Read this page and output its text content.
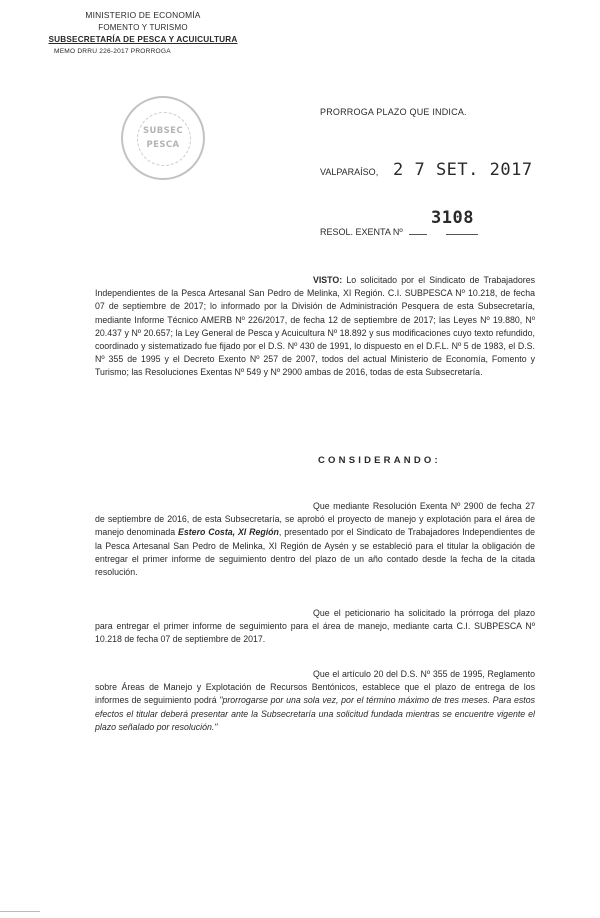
MINISTERIO DE ECONOMÍA
FOMENTO Y TURISMO
SUBSECRETARÍA DE PESCA Y ACUICULTURA
MEMO DRRU 226-2017 PRORROGA
SUBSEC
PESCA
PRORROGA PLAZO QUE INDICA.
VALPARAÍSO, 2 7 SET. 2017
RESOL. EXENTA Nº
3108
VISTO: Lo solicitado por el Sindicato de Trabajadores Independientes de la Pesca Artesanal San Pedro de Melinka, XI Región. C.I. SUBPESCA Nº 10.218, de fecha 07 de septiembre de 2017; lo informado por la División de Administración Pesquera de esta Subsecretaría, mediante Informe Técnico AMERB Nº 226/2017, de fecha 12 de septiembre de 2017; las Leyes Nº 19.880, Nº 20.437 y Nº 20.657; la Ley General de Pesca y Acuicultura Nº 18.892 y sus modificaciones cuyo texto refundido, coordinado y sistematizado fue fijado por el D.S. Nº 430 de 1991, lo dispuesto en el D.F.L. Nº 5 de 1983, el D.S. Nº 355 de 1995 y el Decreto Exento Nº 257 de 2007, todos del actual Ministerio de Economía, Fomento y Turismo; las Resoluciones Exentas Nº 549 y Nº 2900 ambas de 2016, todas de esta Subsecretaría.
CONSIDERANDO:
Que mediante Resolución Exenta Nº 2900 de fecha 27 de septiembre de 2016, de esta Subsecretaría, se aprobó el proyecto de manejo y explotación para el área de manejo denominada Estero Costa, XI Región, presentado por el Sindicato de Trabajadores Independientes de la Pesca Artesanal San Pedro de Melinka, XI Región de Aysén y se estableció para el titular la obligación de entregar el primer informe de seguimiento dentro del plazo de un año contado desde la fecha de la citada resolución.
Que el peticionario ha solicitado la prórroga del plazo para entregar el primer informe de seguimiento para el área de manejo, mediante carta C.I. SUBPESCA Nº 10.218 de fecha 07 de septiembre de 2017.
Que el artículo 20 del D.S. Nº 355 de 1995, Reglamento sobre Áreas de Manejo y Explotación de Recursos Bentónicos, establece que el plazo de entrega de los informes de seguimiento podrá "prorrogarse por una sola vez, por el término máximo de tres meses. Para estos efectos el titular deberá presentar ante la Subsecretaría una solicitud fundada mientras se encuentre vigente el plazo señalado por resolución."
